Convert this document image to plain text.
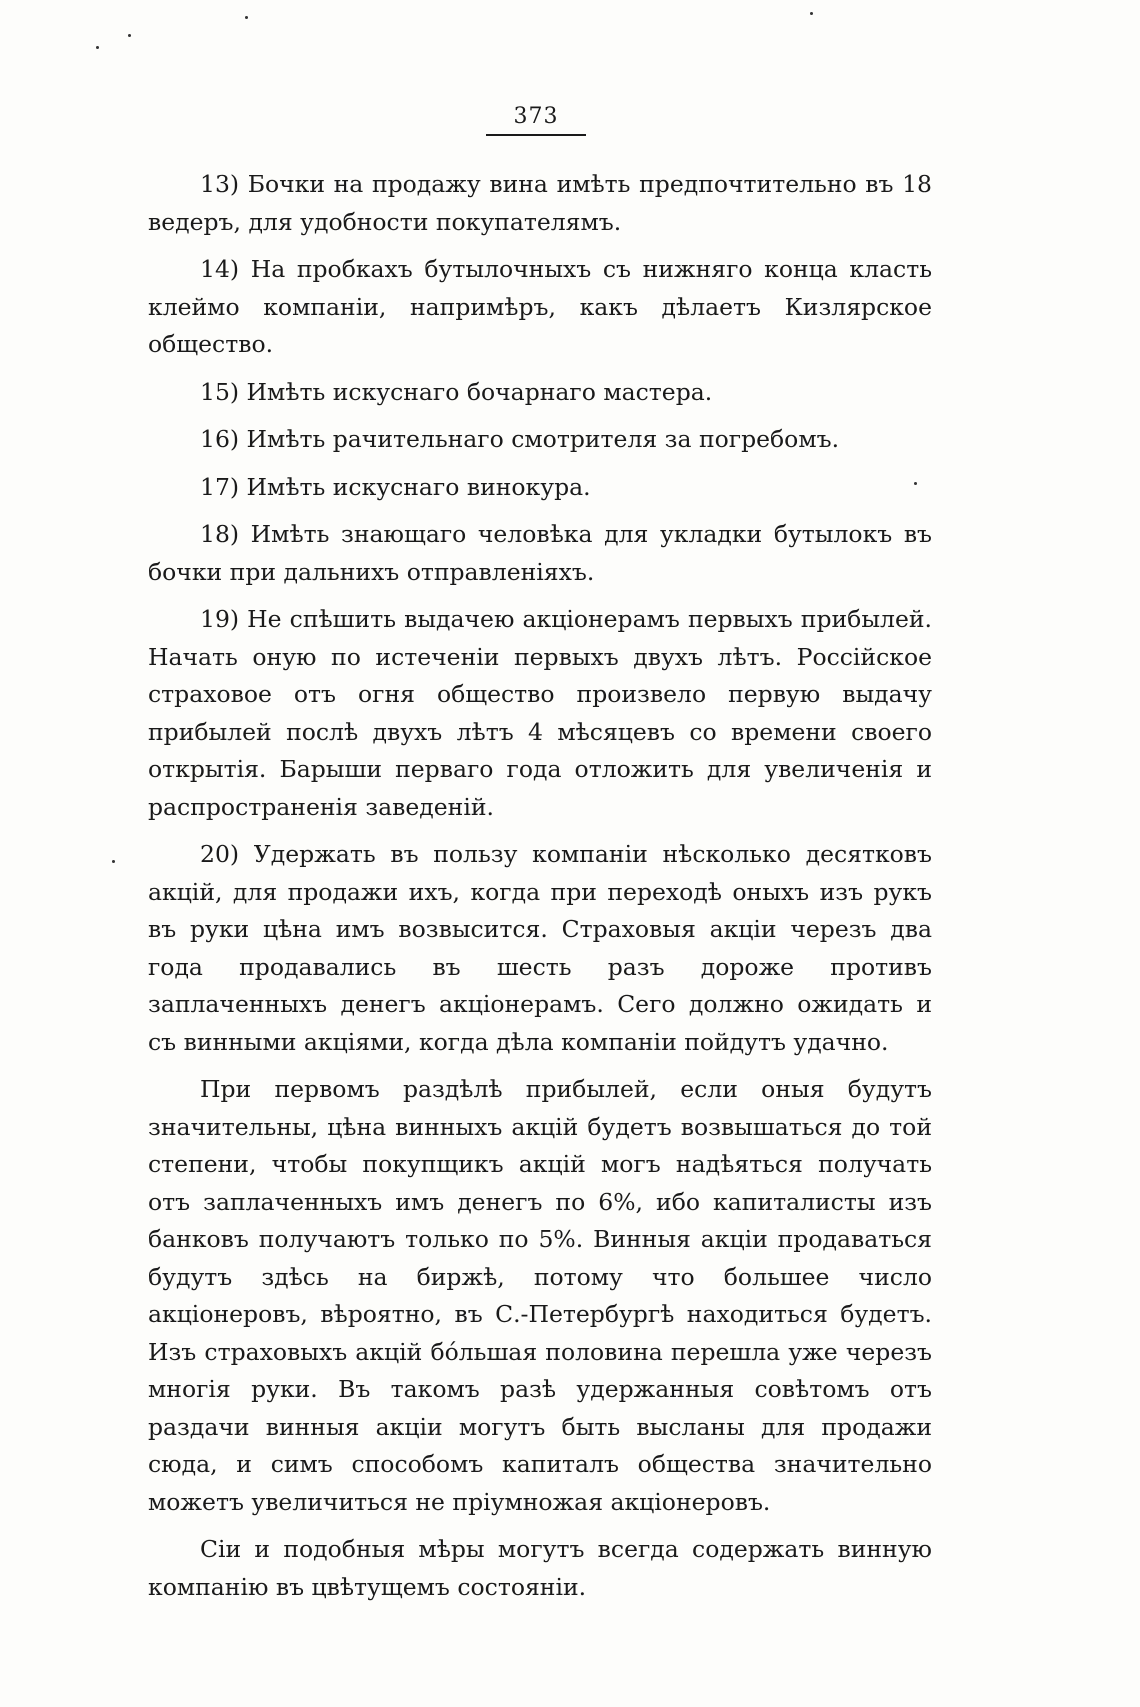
373

13) Бочки на продажу вина имѣть предпочтительно въ 18 ведеръ, для удобности покупателямъ.

14) На пробкахъ бутылочныхъ съ нижняго конца класть клеймо компаніи, напримѣръ, какъ дѣлаетъ Кизлярское общество.

15) Имѣть искуснаго бочарнаго мастера.

16) Имѣть рачительнаго смотрителя за погребомъ.

17) Имѣть искуснаго винокура.

18) Имѣть знающаго человѣка для укладки бутылокъ въ бочки при дальнихъ отправленіяхъ.

19) Не спѣшить выдачею акціонерамъ первыхъ прибылей. Начать оную по истеченіи первыхъ двухъ лѣтъ. Россійское страховое отъ огня общество произвело первую выдачу прибылей послѣ двухъ лѣтъ 4 мѣсяцевъ со времени своего открытія. Барыши перваго года отложить для увеличенія и распространенія заведеній.

20) Удержать въ пользу компаніи нѣсколько десятковъ акцій, для продажи ихъ, когда при переходѣ оныхъ изъ рукъ въ руки цѣна имъ возвысится. Страховыя акціи черезъ два года продавались въ шесть разъ дороже противъ заплаченныхъ денегъ акціонерамъ. Сего должно ожидать и съ винными акціями, когда дѣла компаніи пойдутъ удачно.

При первомъ раздѣлѣ прибылей, если оныя будутъ значительны, цѣна винныхъ акцій будетъ возвышаться до той степени, чтобы покупщикъ акцій могъ надѣяться получать отъ заплаченныхъ имъ денегъ по 6%, ибо капиталисты изъ банковъ получаютъ только по 5%. Винныя акціи продаваться будутъ здѣсь на биржѣ, потому что большее число акціонеровъ, вѣроятно, въ С.-Петербургѣ находиться будетъ. Изъ страховыхъ акцій бо́льшая половина перешла уже черезъ многія руки. Въ такомъ разѣ удержанныя совѣтомъ отъ раздачи винныя акціи могутъ быть высланы для продажи сюда, и симъ способомъ капиталъ общества значительно можетъ увеличиться не пріумножая акціонеровъ.

Сіи и подобныя мѣры могутъ всегда содержать винную компанію въ цвѣтущемъ состояніи.
